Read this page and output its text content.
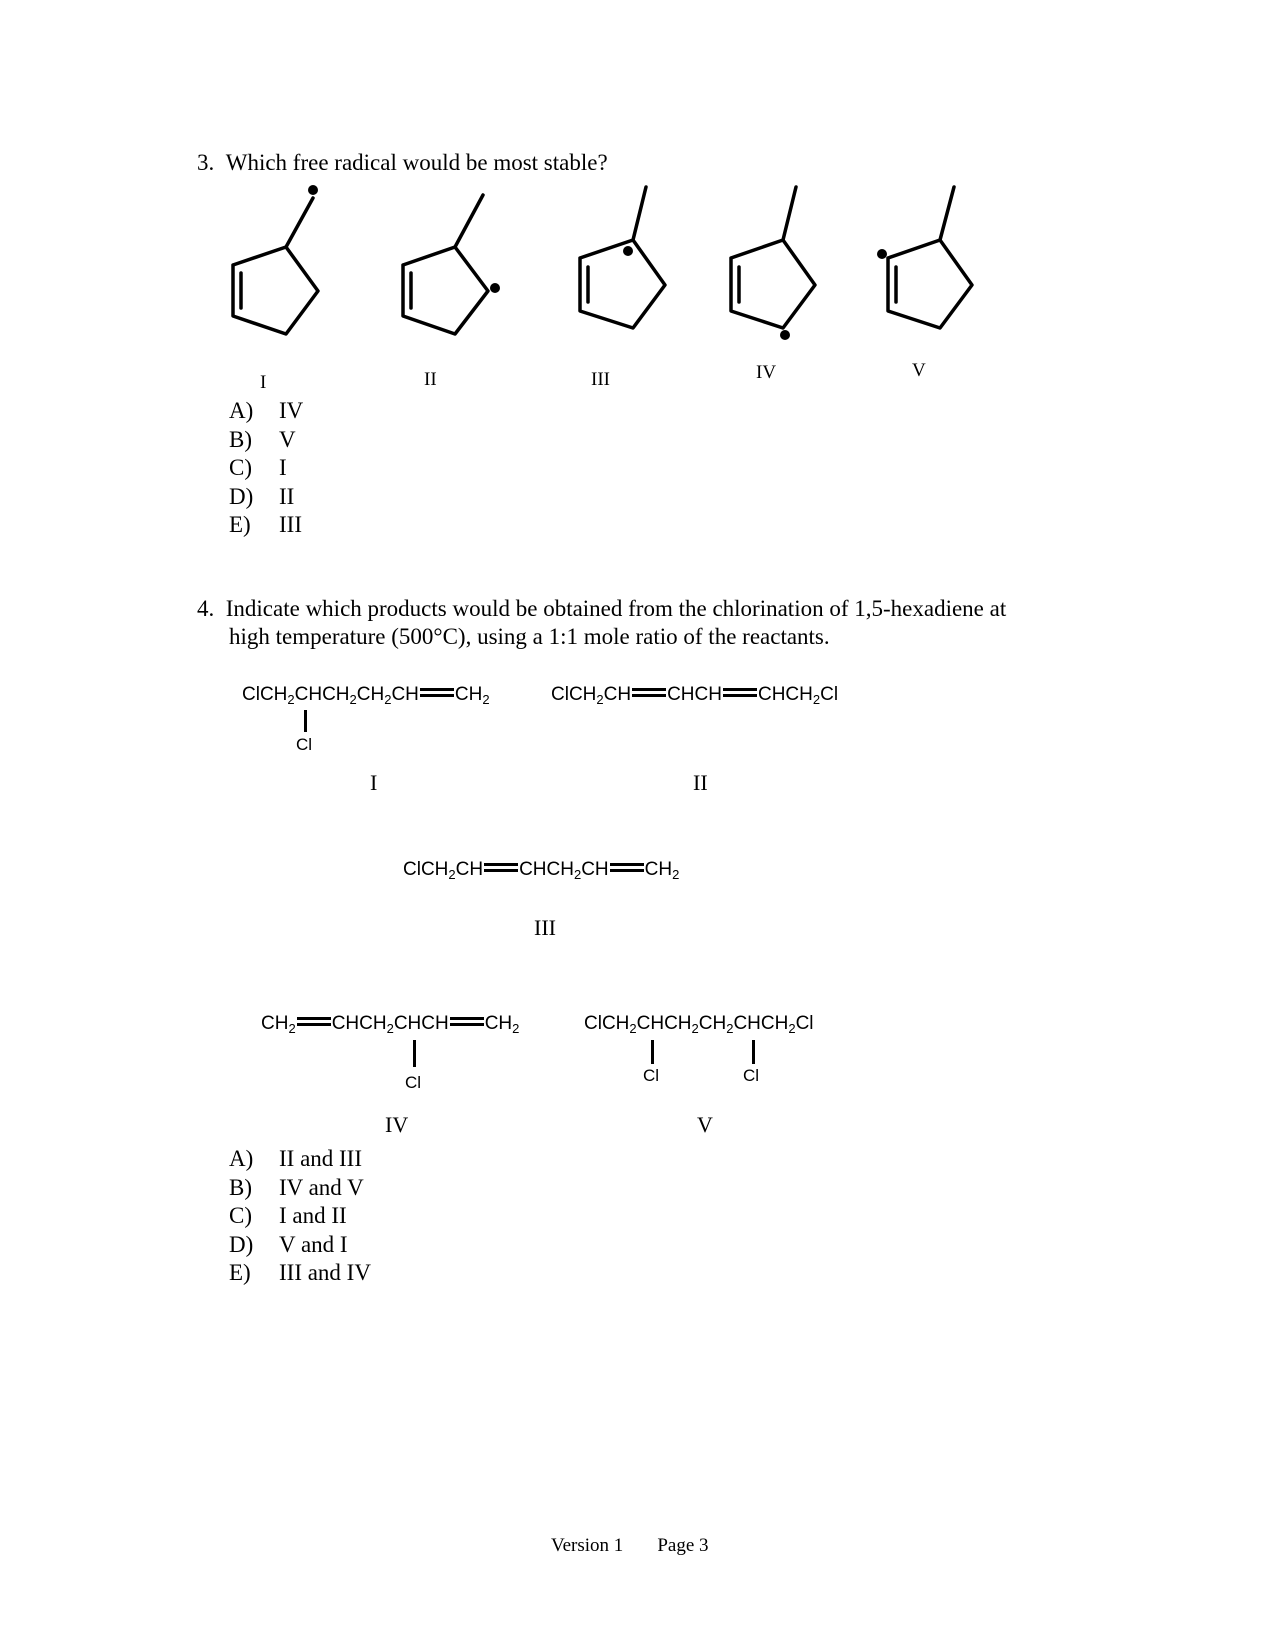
3. Which free radical would be most stable?
I	II	III	IV	V
A) IV
B) V
C) I
D) II
E) III
4. Indicate which products would be obtained from the chlorination of 1,5-hexadiene at
high temperature (500°C), using a 1:1 mole ratio of the reactants.
$ClCH_2CHCH_2CH_2CH$ $CH_2$
Cl
I
ClCH$_2$CH CHCH $CHCH_2Cl$
II
ClCH$_2$CH $CHCH_2CH$ $CH_2$
III
$CH_2$ $CHCH_2CHCH$ $CH_2$
Cl
IV
$ClCH_2CHCH_2CH_2CHCH_2Cl$
Cl	Cl
V
A) II and III
B) IV and V
C) I and II
D) V and I
E) III and IV
Version 1 Page 3
